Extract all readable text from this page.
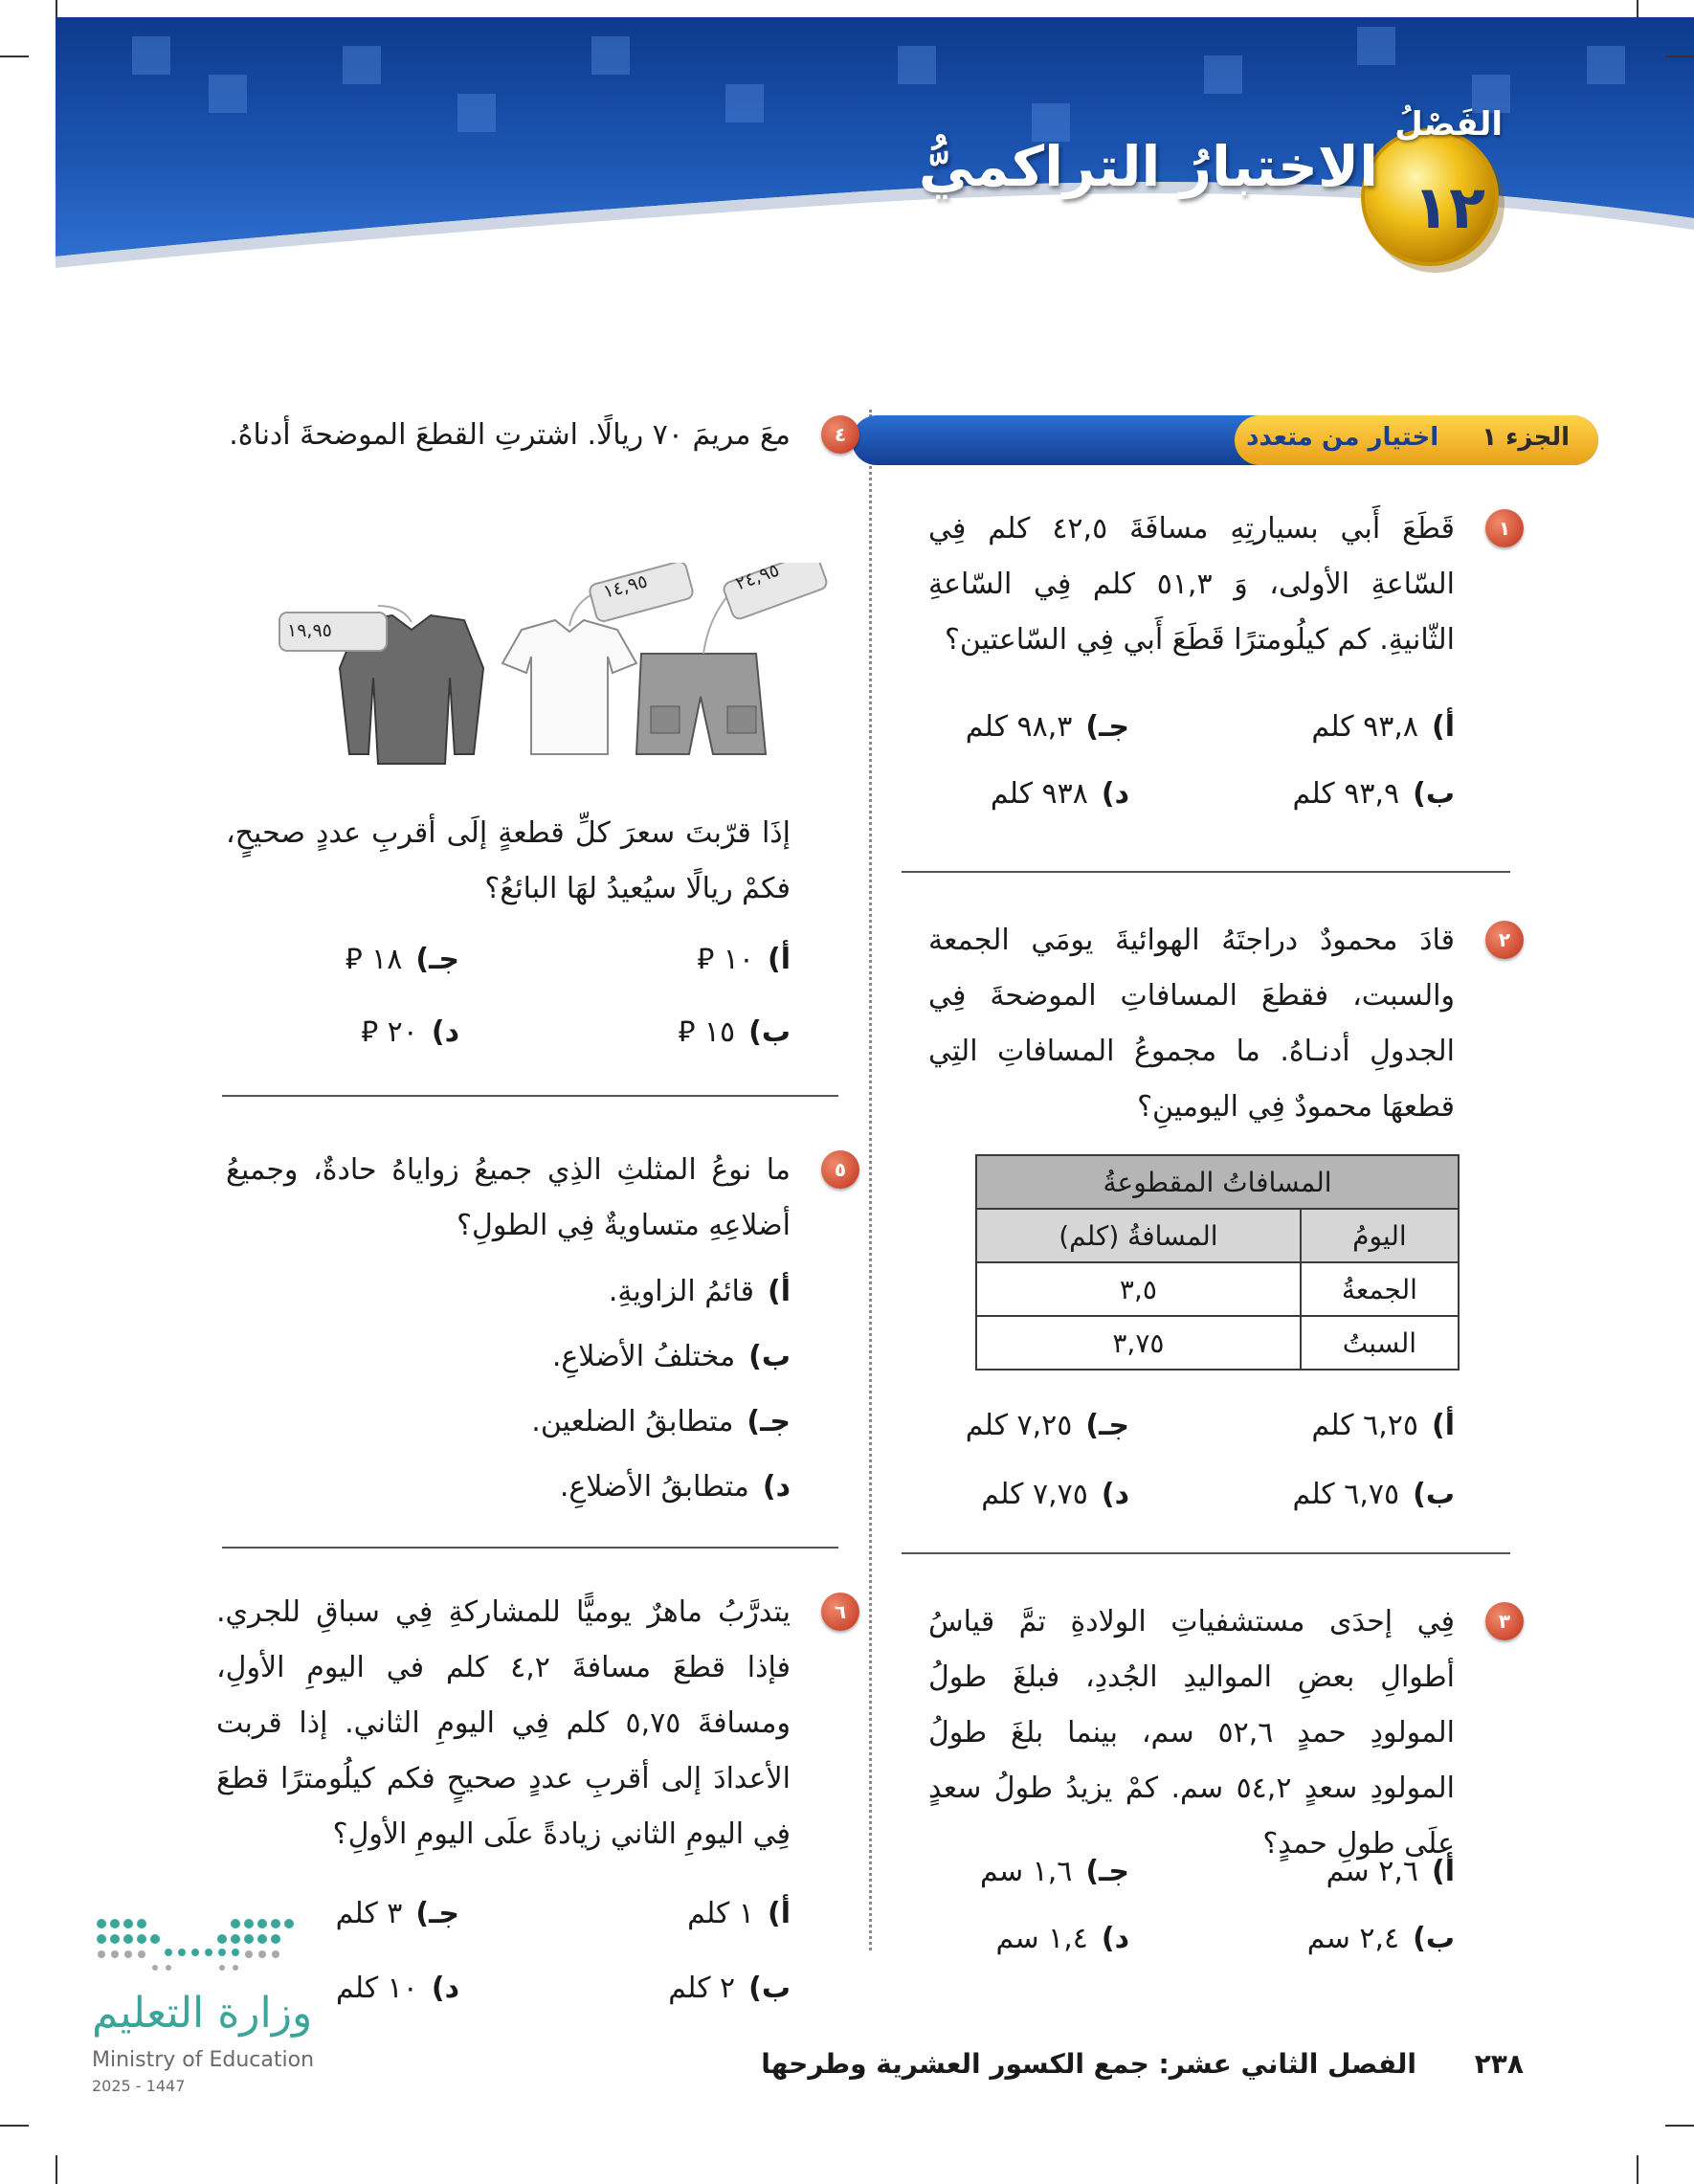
الاختبارُ التراكميُّ
الفَصْلُ
١٢
الجزء ١ اختيار من متعدد
١
قَطَعَ أَبي بسيارتِهِ مسافَةَ ٤٢,٥ كلم فِي السّاعةِ الأولى، وَ ٥١,٣ كلم فِي السّاعةِ الثّانيةِ. كم كيلُومترًا قَطَعَ أَبي فِي السّاعتين؟
أ)٩٣,٨ كلم
جـ)٩٨,٣ كلم
ب)٩٣,٩ كلم
د)٩٣٨ كلم
٢
قادَ محمودٌ دراجتَهُ الهوائيةَ يومَي الجمعة والسبت، فقطعَ المسافاتِ الموضحةَ فِي الجدولِ أدنـاهُ. ما مجموعُ المسافاتِ التِي قطعهَا محمودٌ فِي اليومينِ؟
المسافاتُ المقطوعةُ	
اليومُ	المسافةُ (كلم)
الجمعةُ	٣,٥
السبتُ	٣,٧٥
أ)٦,٢٥ كلم
جـ)٧,٢٥ كلم
ب)٦,٧٥ كلم
د)٧,٧٥ كلم
٣
فِي إحدَى مستشفياتِ الولادةِ تمَّ قياسُ أطوالِ بعضِ المواليدِ الجُددِ، فبلغَ طولُ المولودِ حمدٍ ٥٢,٦ سم، بينما بلغَ طولُ المولودِ سعدٍ ٥٤,٢ سم. كمْ يزيدُ طولُ سعدٍ علَى طولِ حمدٍ؟
أ)٢,٦ سم
جـ)١,٦ سم
ب)٢,٤ سم
د)١,٤ سم
٤
معَ مريمَ ٧٠ ريالًا. اشترتِ القطعَ الموضحةَ أدناهُ.
١٩,٩٥
١٤,٩٥	٢٤,٩٥
إذَا قرّبتَ سعرَ كلِّ قطعةٍ إلَى أقربِ عددٍ صحيحٍ، فكمْ ريالًا سيُعيدُ لهَا البائعُ؟
أ)١٠ ⃁
جـ)١٨ ⃁
ب)١٥ ⃁
د)٢٠ ⃁
٥
ما نوعُ المثلثِ الذِي جميعُ زواياهُ حادةٌ، وجميعُ أضلاعِهِ متساويةٌ فِي الطولِ؟
أ)قائمُ الزاويةِ.
ب)مختلفُ الأضلاعِ.
جـ)متطابقُ الضلعين.
د)متطابقُ الأضلاعِ.
٦
يتدرَّبُ ماهرٌ يوميًّا للمشاركةِ فِي سباقِ للجري. فإذا قطعَ مسافةَ ٤,٢ كلم في اليومِ الأولِ، ومسافةَ ٥,٧٥ كلم فِي اليومِ الثاني. إذا قربت الأعدادَ إلى أقربِ عددٍ صحيحٍ فكم كيلُومترًا قطعَ فِي اليومِ الثاني زيادةً علَى اليومِ الأولِ؟
أ)١ كلم
جـ)٣ كلم
ب)٢ كلم
د)١٠ كلم
وزارة التعليم
Ministry of Education
2025 - 1447
٢٣٨
الفصل الثاني عشر: جمع الكسور العشرية وطرحها
